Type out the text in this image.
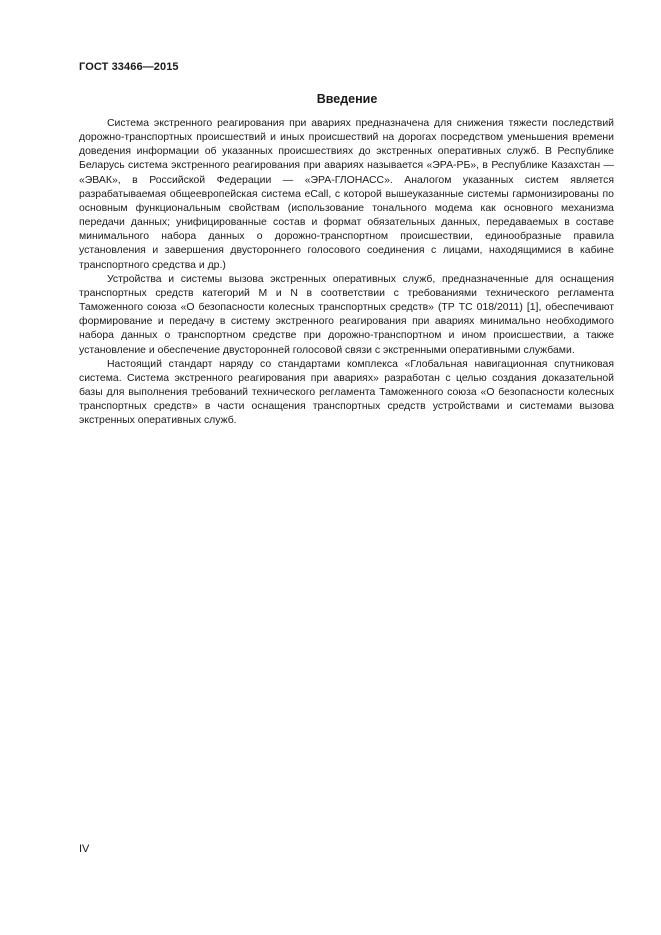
ГОСТ 33466—2015
Введение

Система экстренного реагирования при авариях предназначена для снижения тяжести последствий дорожно-транспортных происшествий и иных происшествий на дорогах посредством уменьшения времени доведения информации об указанных происшествиях до экстренных оперативных служб. В Республике Беларусь система экстренного реагирования при авариях называется «ЭРА-РБ», в Республике Казахстан — «ЭВАК», в Российской Федерации — «ЭРА-ГЛОНАСС». Аналогом указанных систем является разрабатываемая общеевропейская система eCall, с которой вышеуказанные системы гармонизированы по основным функциональным свойствам (использование тонального модема как основного механизма передачи данных; унифицированные состав и формат обязательных данных, передаваемых в составе минимального набора данных о дорожно-транспортном происшествии, единообразные правила установления и завершения двустороннего голосового соединения с лицами, находящимися в кабине транспортного средства и др.)

Устройства и системы вызова экстренных оперативных служб, предназначенные для оснащения транспортных средств категорий M и N в соответствии с требованиями технического регламента Таможенного союза «О безопасности колесных транспортных средств» (ТР ТС 018/2011) [1], обеспечивают формирование и передачу в систему экстренного реагирования при авариях минимально необходимого набора данных о транспортном средстве при дорожно-транспортном и ином происшествии, а также установление и обеспечение двусторонней голосовой связи с экстренными оперативными службами.

Настоящий стандарт наряду со стандартами комплекса «Глобальная навигационная спутниковая система. Система экстренного реагирования при авариях» разработан с целью создания доказательной базы для выполнения требований технического регламента Таможенного союза «О безопасности колесных транспортных средств» в части оснащения транспортных средств устройствами и системами вызова экстренных оперативных служб.

IV
